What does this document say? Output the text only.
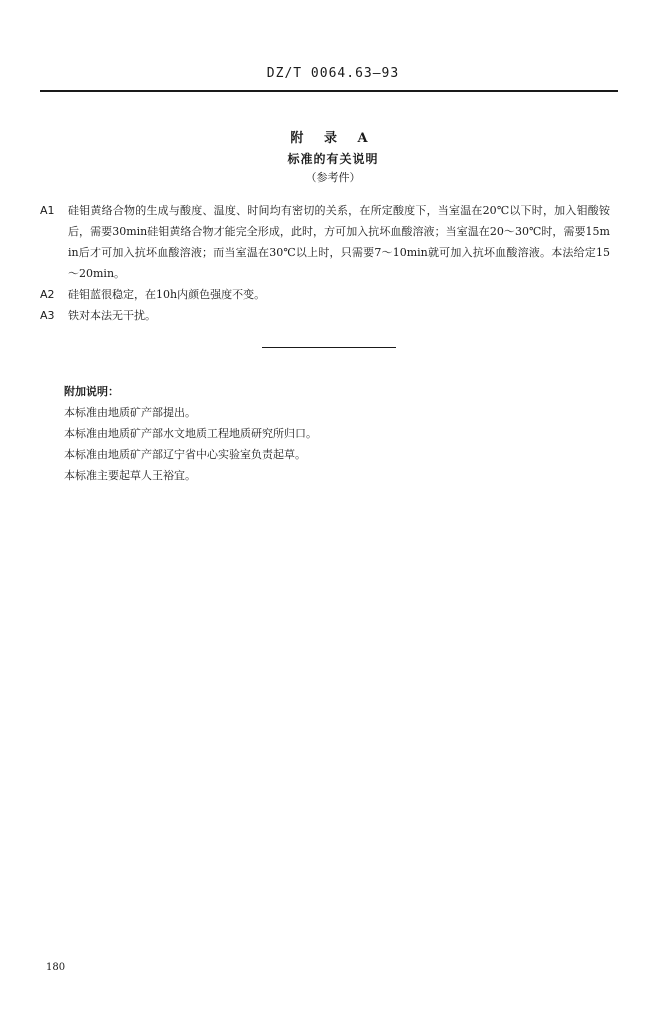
DZ/T 0064.63—93
附 录 A
标准的有关说明
（参考件）
A1	硅钼黄络合物的生成与酸度、温度、时间均有密切的关系，在所定酸度下，当室温在20℃以下时，加入钼酸铵后，需要30min硅钼黄络合物才能完全形成，此时，方可加入抗坏血酸溶液；当室温在20～30℃时，需要15min后才可加入抗坏血酸溶液；而当室温在30℃以上时，只需要7～10min就可加入抗坏血酸溶液。本法给定15～20min。
A2	硅钼蓝很稳定，在10h内颜色强度不变。
A3	铁对本法无干扰。
附加说明：
本标准由地质矿产部提出。
本标准由地质矿产部水文地质工程地质研究所归口。
本标准由地质矿产部辽宁省中心实验室负责起草。
本标准主要起草人王裕宜。
180
